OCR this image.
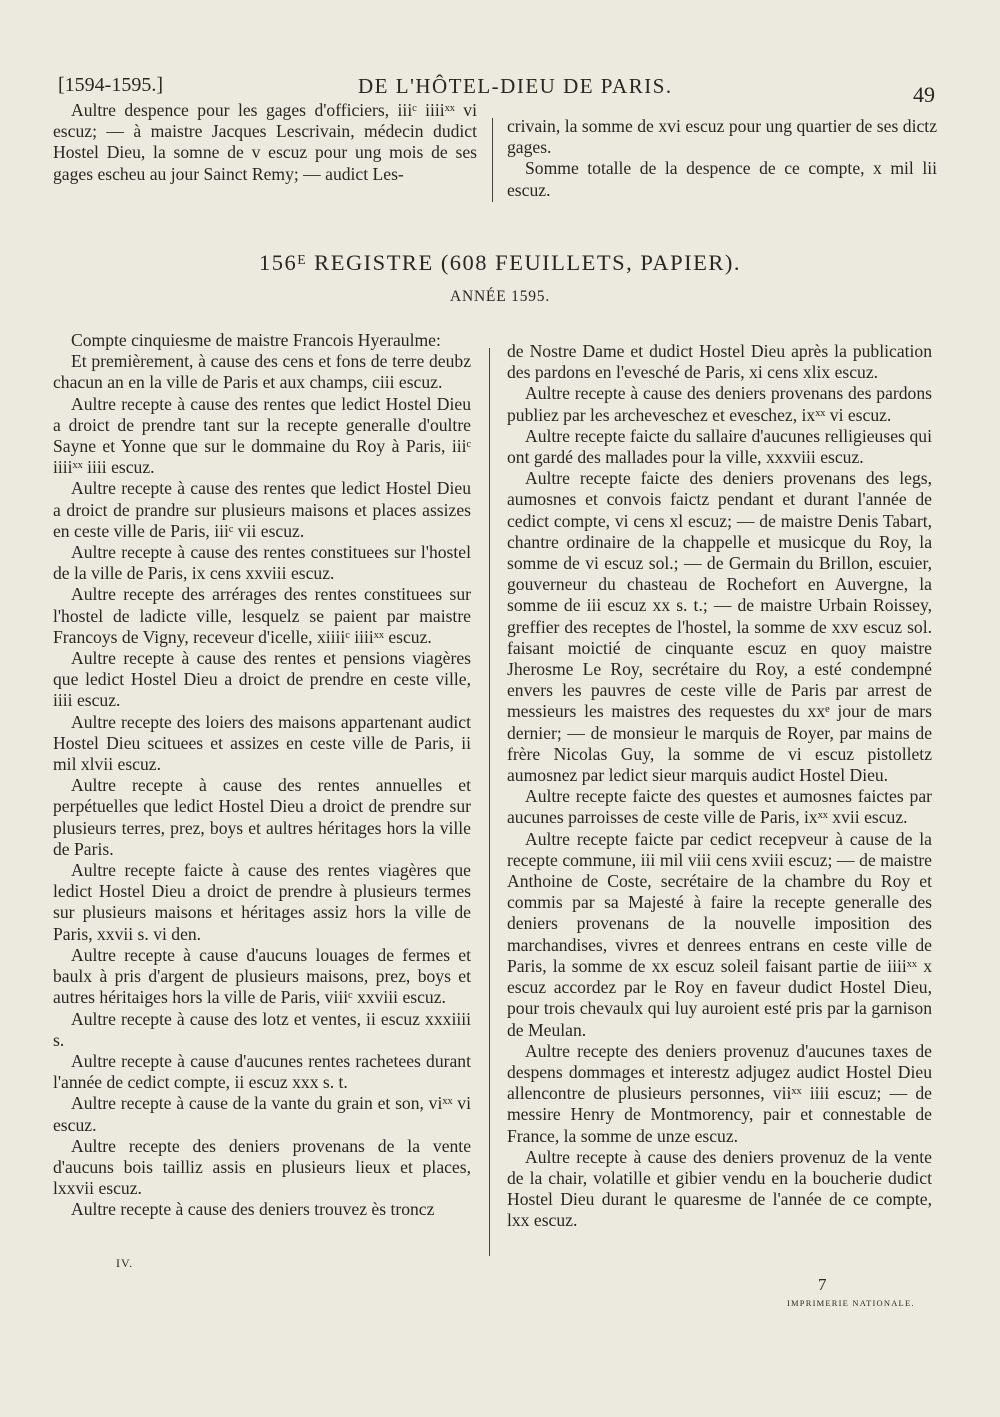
[1594-1595.]	DE L'HÔTEL-DIEU DE PARIS.	49

Aultre despence pour les gages d'officiers, iiiᶜ iiiiˣˣ vi escuz; — à maistre Jacques Lescrivain, médecin dudict Hostel Dieu, la somne de v escuz pour ung mois de ses gages escheu au jour Sainct Remy; — audict Les-

crivain, la somme de xvi escuz pour ung quartier de ses dictz gages.

Somme totalle de la despence de ce compte, x mil lii escuz.

156ᴱ REGISTRE (608 FEUILLETS, PAPIER).
ANNÉE 1595.

Compte cinquiesme de maistre Francois Hyeraulme:

Et premièrement, à cause des cens et fons de terre deubz chacun an en la ville de Paris et aux champs, ciii escuz.

Aultre recepte à cause des rentes que ledict Hostel Dieu a droict de prendre tant sur la recepte generalle d'oultre Sayne et Yonne que sur le dommaine du Roy à Paris, iiiᶜ iiiiˣˣ iiii escuz.

Aultre recepte à cause des rentes que ledict Hostel Dieu a droict de prandre sur plusieurs maisons et places assizes en ceste ville de Paris, iiiᶜ vii escuz.

Aultre recepte à cause des rentes constituees sur l'hostel de la ville de Paris, ix cens xxviii escuz.

Aultre recepte des arrérages des rentes constituees sur l'hostel de ladicte ville, lesquelz se paient par maistre Francoys de Vigny, receveur d'icelle, xiiiiᶜ iiiiˣˣ escuz.

Aultre recepte à cause des rentes et pensions viagères que ledict Hostel Dieu a droict de prendre en ceste ville, iiii escuz.

Aultre recepte des loiers des maisons appartenant audict Hostel Dieu scituees et assizes en ceste ville de Paris, ii mil xlvii escuz.

Aultre recepte à cause des rentes annuelles et perpétuelles que ledict Hostel Dieu a droict de prendre sur plusieurs terres, prez, boys et aultres héritages hors la ville de Paris.

Aultre recepte faicte à cause des rentes viagères que ledict Hostel Dieu a droict de prendre à plusieurs termes sur plusieurs maisons et héritages assiz hors la ville de Paris, xxvii s. vi den.

Aultre recepte à cause d'aucuns louages de fermes et baulx à pris d'argent de plusieurs maisons, prez, boys et autres héritaiges hors la ville de Paris, viiiᶜ xxviii escuz.

Aultre recepte à cause des lotz et ventes, ii escuz xxxiiii s.

Aultre recepte à cause d'aucunes rentes rachetees durant l'année de cedict compte, ii escuz xxx s. t.

Aultre recepte à cause de la vante du grain et son, viˣˣ vi escuz.

Aultre recepte des deniers provenans de la vente d'aucuns bois tailliz assis en plusieurs lieux et places, lxxvii escuz.

Aultre recepte à cause des deniers trouvez ès troncz

de Nostre Dame et dudict Hostel Dieu après la publication des pardons en l'evesché de Paris, xi cens xlix escuz.

Aultre recepte à cause des deniers provenans des pardons publiez par les archeveschez et eveschez, ixˣˣ vi escuz.

Aultre recepte faicte du sallaire d'aucunes relligieuses qui ont gardé des mallades pour la ville, xxxviii escuz.

Aultre recepte faicte des deniers provenans des legs, aumosnes et convois faictz pendant et durant l'année de cedict compte, vi cens xl escuz; — de maistre Denis Tabart, chantre ordinaire de la chappelle et musicque du Roy, la somme de vi escuz sol.; — de Germain du Brillon, escuier, gouverneur du chasteau de Rochefort en Auvergne, la somme de iii escuz xx s. t.; — de maistre Urbain Roissey, greffier des receptes de l'hostel, la somme de xxv escuz sol. faisant moictié de cinquante escuz en quoy maistre Jherosme Le Roy, secrétaire du Roy, a esté condempné envers les pauvres de ceste ville de Paris par arrest de messieurs les maistres des requestes du xxᵉ jour de mars dernier; — de monsieur le marquis de Royer, par mains de frère Nicolas Guy, la somme de vi escuz pistolletz aumosnez par ledict sieur marquis audict Hostel Dieu.

Aultre recepte faicte des questes et aumosnes faictes par aucunes parroisses de ceste ville de Paris, ixˣˣ xvii escuz.

Aultre recepte faicte par cedict recepveur à cause de la recepte commune, iii mil viii cens xviii escuz; — de maistre Anthoine de Coste, secrétaire de la chambre du Roy et commis par sa Majesté à faire la recepte generalle des deniers provenans de la nouvelle imposition des marchandises, vivres et denrees entrans en ceste ville de Paris, la somme de xx escuz soleil faisant partie de iiiiˣˣ x escuz accordez par le Roy en faveur dudict Hostel Dieu, pour trois chevaulx qui luy auroient esté pris par la garnison de Meulan.

Aultre recepte des deniers provenuz d'aucunes taxes de despens dommages et interestz adjugez audict Hostel Dieu allencontre de plusieurs personnes, viiˣˣ iiii escuz; — de messire Henry de Montmorency, pair et connestable de France, la somme de unze escuz.

Aultre recepte à cause des deniers provenuz de la vente de la chair, volatille et gibier vendu en la boucherie dudict Hostel Dieu durant le quaresme de l'année de ce compte, lxx escuz.

IV.
7
IMPRIMERIE NATIONALE.
